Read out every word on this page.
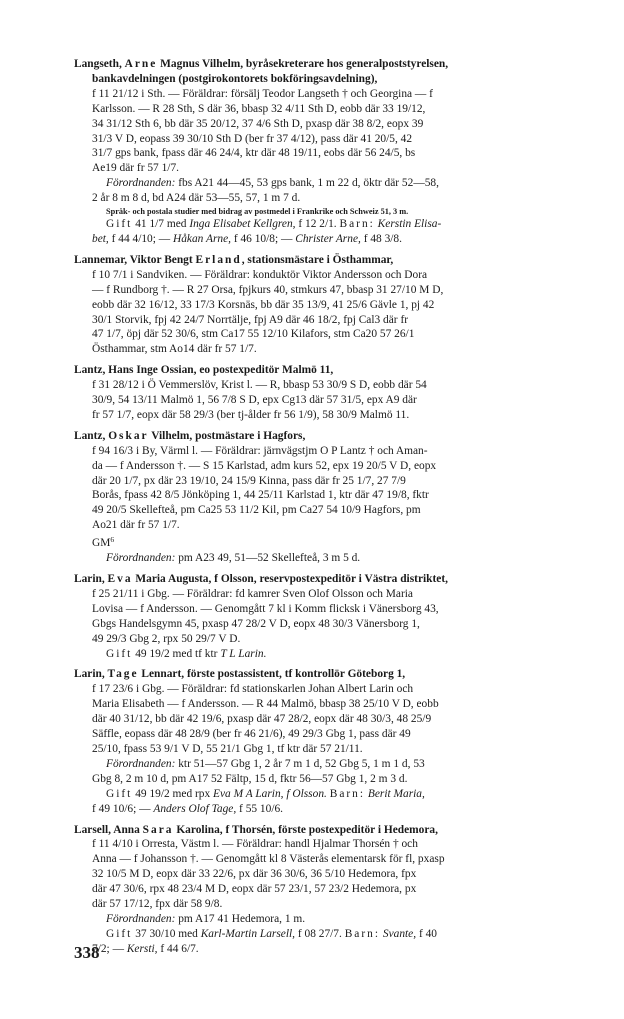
Langseth, Arne Magnus Vilhelm, byråsekreterare hos generalpoststyrelsen,
bankavdelningen (postgirokontorets bokföringsavdelning),
f 11 21/12 i Sth. — Föräldrar: försälj Teodor Langseth † och Georgina — f
Karlsson. — R 28 Sth, S där 36, bbasp 32 4/11 Sth D, eobb där 33 19/12,
34 31/12 Sth 6, bb där 35 20/12, 37 4/6 Sth D, pxasp där 38 8/2, eopx 39
31/3 V D, eopass 39 30/10 Sth D (ber fr 37 4/12), pass där 41 20/5, 42
31/7 gps bank, fpass där 46 24/4, ktr där 48 19/11, eobs där 56 24/5, bs
Ae19 där fr 57 1/7.
Förordnanden: fbs A21 44—45, 53 gps bank, 1 m 22 d, öktr där 52—58,
2 år 8 m 8 d, bd A24 där 53—55, 57, 1 m 7 d.
Språk- och postala studier med bidrag av postmedel i Frankrike och Schweiz 51, 3 m.
Gift 41 1/7 med Inga Elisabet Kellgren, f 12 2/1. Barn: Kerstin Elisa-
bet, f 44 4/10; — Håkan Arne, f 46 10/8; — Christer Arne, f 48 3/8.
Lannemar, Viktor Bengt Erland, stationsmästare i Östhammar,
f 10 7/1 i Sandviken. — Föräldrar: konduktör Viktor Andersson och Dora
— f Rundborg †. — R 27 Orsa, fpjkurs 40, stmkurs 47, bbasp 31 27/10 M D,
eobb där 32 16/12, 33 17/3 Korsnäs, bb där 35 13/9, 41 25/6 Gävle 1, pj 42
30/1 Storvik, fpj 42 24/7 Norrtälje, fpj A9 där 46 18/2, fpj Cal3 där fr
47 1/7, öpj där 52 30/6, stm Ca17 55 12/10 Kilafors, stm Ca20 57 26/1
Östhammar, stm Ao14 där fr 57 1/7.
Lantz, Hans Inge Ossian, eo postexpeditör Malmö 11,
f 31 28/12 i Ö Vemmerslöv, Krist l. — R, bbasp 53 30/9 S D, eobb där 54
30/9, 54 13/11 Malmö 1, 56 7/8 S D, epx Cg13 där 57 31/5, epx A9 där
fr 57 1/7, eopx där 58 29/3 (ber tj-ålder fr 56 1/9), 58 30/9 Malmö 11.
Lantz, Oskar Vilhelm, postmästare i Hagfors,
f 94 16/3 i By, Värml l. — Föräldrar: järnvägstjm O P Lantz † och Aman-
da — f Andersson †. — S 15 Karlstad, adm kurs 52, epx 19 20/5 V D, eopx
där 20 1/7, px där 23 19/10, 24 15/9 Kinna, pass där fr 25 1/7, 27 7/9
Borås, fpass 42 8/5 Jönköping 1, 44 25/11 Karlstad 1, ktr där 47 19/8, fktr
49 20/5 Skellefteå, pm Ca25 53 11/2 Kil, pm Ca27 54 10/9 Hagfors, pm
Ao21 där fr 57 1/7.
$GM^6$
Förordnanden: pm A23 49, 51—52 Skellefteå, 3 m 5 d.
Larin, Eva Maria Augusta, f Olsson, reservpostexpeditör i Västra distriktet,
f 25 21/11 i Gbg. — Föräldrar: fd kamrer Sven Olof Olsson och Maria
Lovisa — f Andersson. — Genomgått 7 kl i Komm flicksk i Vänersborg 43,
Gbgs Handelsgymn 45, pxasp 47 28/2 V D, eopx 48 30/3 Vänersborg 1,
49 29/3 Gbg 2, rpx 50 29/7 V D.
Gift 49 19/2 med tf ktr T L Larin.
Larin, Tage Lennart, förste postassistent, tf kontrollör Göteborg 1,
f 17 23/6 i Gbg. — Föräldrar: fd stationskarlen Johan Albert Larin och
Maria Elisabeth — f Andersson. — R 44 Malmö, bbasp 38 25/10 V D, eobb
där 40 31/12, bb där 42 19/6, pxasp där 47 28/2, eopx där 48 30/3, 48 25/9
Säffle, eopass där 48 28/9 (ber fr 46 21/6), 49 29/3 Gbg 1, pass där 49
25/10, fpass 53 9/1 V D, 55 21/1 Gbg 1, tf ktr där 57 21/11.
Förordnanden: ktr 51—57 Gbg 1, 2 år 7 m 1 d, 52 Gbg 5, 1 m 1 d, 53
Gbg 8, 2 m 10 d, pm A17 52 Fältp, 15 d, fktr 56—57 Gbg 1, 2 m 3 d.
Gift 49 19/2 med rpx Eva M A Larin, f Olsson. Barn: Berit Maria,
f 49 10/6; — Anders Olof Tage, f 55 10/6.
Larsell, Anna Sara Karolina, f Thorsén, förste postexpeditör i Hedemora,
f 11 4/10 i Orresta, Västm l. — Föräldrar: handl Hjalmar Thorsén † och
Anna — f Johansson †. — Genomgått kl 8 Västerås elementarsk för fl, pxasp
32 10/5 M D, eopx där 33 22/6, px där 36 30/6, 36 5/10 Hedemora, fpx
där 47 30/6, rpx 48 23/4 M D, eopx där 57 23/1, 57 23/2 Hedemora, px
där 57 17/12, fpx där 58 9/8.
Förordnanden: pm A17 41 Hedemora, 1 m.
Gift 37 30/10 med Karl-Martin Larsell, f 08 27/7. Barn: Svante, f 40
7/2; — Kersti, f 44 6/7.
338
